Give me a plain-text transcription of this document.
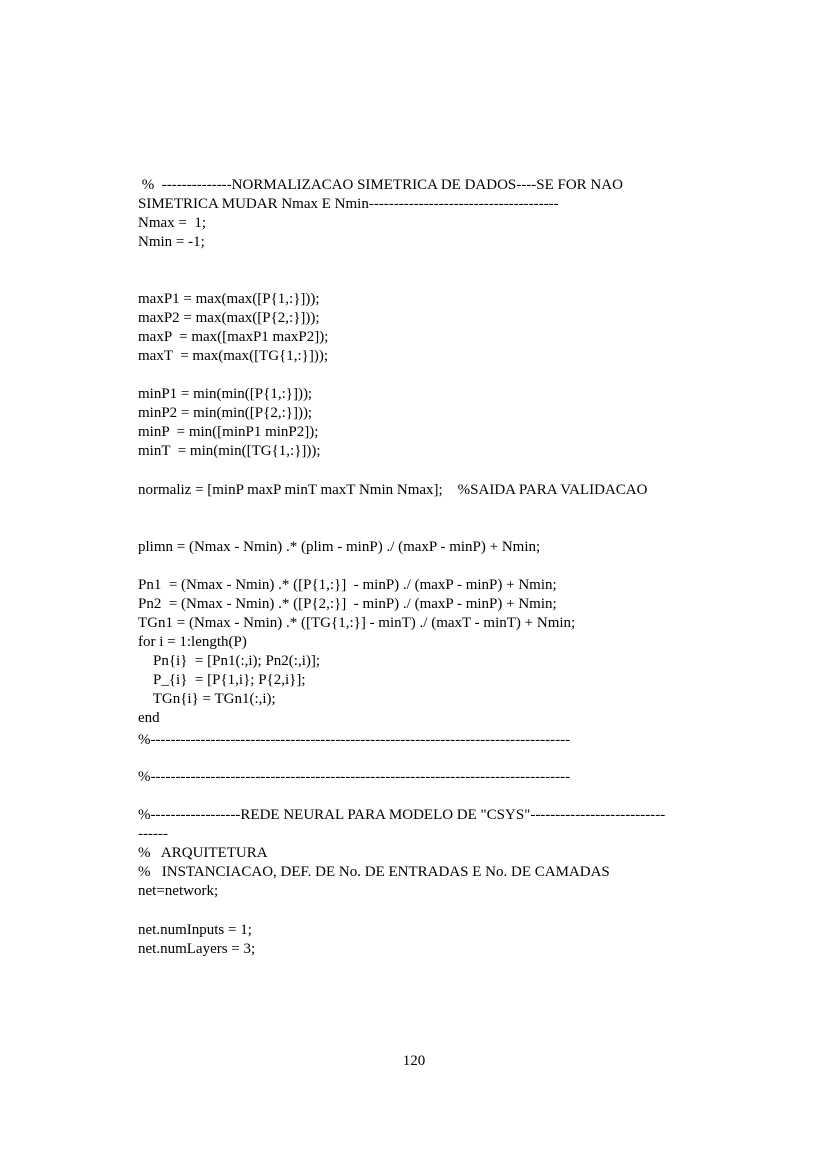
%  --------------NORMALIZACAO SIMETRICA DE DADOS----SE FOR NAO
SIMETRICA MUDAR Nmax E Nmin--------------------------------------
Nmax =  1;
Nmin = -1;
maxP1 = max(max([P{1,:}]));
maxP2 = max(max([P{2,:}]));
maxP  = max([maxP1 maxP2]);
maxT  = max(max([TG{1,:}]));
minP1 = min(min([P{1,:}]));
minP2 = min(min([P{2,:}]));
minP  = min([minP1 minP2]);
minT  = min(min([TG{1,:}]));
normaliz = [minP maxP minT maxT Nmin Nmax];    %SAIDA PARA VALIDACAO
plimn = (Nmax - Nmin) .* (plim - minP) ./ (maxP - minP) + Nmin;
Pn1  = (Nmax - Nmin) .* ([P{1,:}]  - minP) ./ (maxP - minP) + Nmin;
Pn2  = (Nmax - Nmin) .* ([P{2,:}]  - minP) ./ (maxP - minP) + Nmin;
TGn1 = (Nmax - Nmin) .* ([TG{1,:}] - minT) ./ (maxT - minT) + Nmin;
for i = 1:length(P)
Pn{i}  = [Pn1(:,i); Pn2(:,i)];
P_{i}  = [P{1,i}; P{2,i}];
TGn{i} = TGn1(:,i);
end
%------------------------------------------------------------------------------------
%------------------------------------------------------------------------------------
%------------------REDE NEURAL PARA MODELO DE "CSYS"---------------------------
------
%   ARQUITETURA
%   INSTANCIACAO, DEF. DE No. DE ENTRADAS E No. DE CAMADAS
net=network;
net.numInputs = 1;
net.numLayers = 3;
120
